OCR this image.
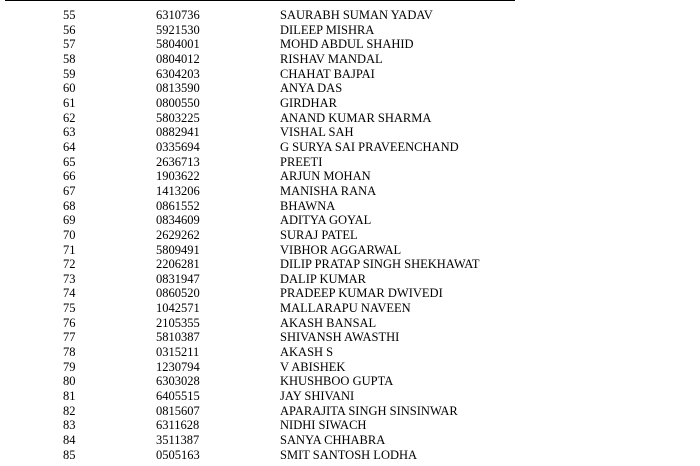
55	6310736	SAURABH SUMAN YADAV
56	5921530	DILEEP MISHRA
57	5804001	MOHD ABDUL SHAHID
58	0804012	RISHAV MANDAL
59	6304203	CHAHAT BAJPAI
60	0813590	ANYA DAS
61	0800550	GIRDHAR
62	5803225	ANAND KUMAR SHARMA
63	0882941	VISHAL SAH
64	0335694	G SURYA SAI PRAVEENCHAND
65	2636713	PREETI
66	1903622	ARJUN MOHAN
67	1413206	MANISHA RANA
68	0861552	BHAWNA
69	0834609	ADITYA GOYAL
70	2629262	SURAJ PATEL
71	5809491	VIBHOR AGGARWAL
72	2206281	DILIP PRATAP SINGH SHEKHAWAT
73	0831947	DALIP KUMAR
74	0860520	PRADEEP KUMAR DWIVEDI
75	1042571	MALLARAPU NAVEEN
76	2105355	AKASH BANSAL
77	5810387	SHIVANSH AWASTHI
78	0315211	AKASH S
79	1230794	V ABISHEK
80	6303028	KHUSHBOO GUPTA
81	6405515	JAY SHIVANI
82	0815607	APARAJITA SINGH SINSINWAR
83	6311628	NIDHI SIWACH
84	3511387	SANYA CHHABRA
85	0505163	SMIT SANTOSH LODHA
